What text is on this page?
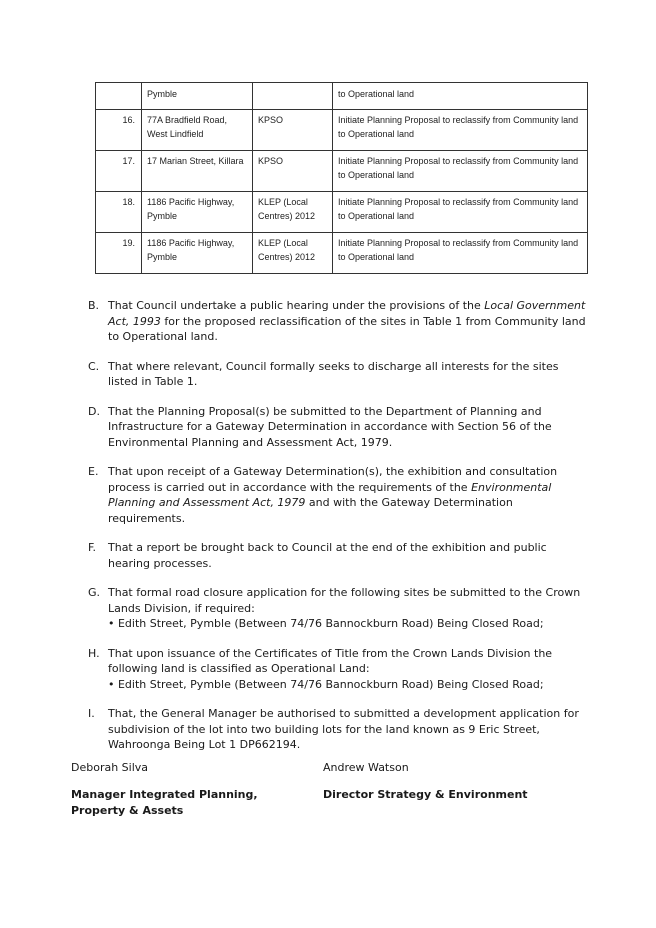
	Pymble		to Operational land
16.	77A Bradfield Road, West Lindfield	KPSO	Initiate Planning Proposal to reclassify from Community land to Operational land
17.	17 Marian Street, Killara	KPSO	Initiate Planning Proposal to reclassify from Community land to Operational land
18.	1186 Pacific Highway, Pymble	KLEP (Local Centres) 2012	Initiate Planning Proposal to reclassify from Community land to Operational land
19.	1186 Pacific Highway, Pymble	KLEP (Local Centres) 2012	Initiate Planning Proposal to reclassify from Community land to Operational land
B. That Council undertake a public hearing under the provisions of the Local Government Act, 1993 for the proposed reclassification of the sites in Table 1 from Community land to Operational land.
C. That where relevant, Council formally seeks to discharge all interests for the sites listed in Table 1.
D. That the Planning Proposal(s) be submitted to the Department of Planning and Infrastructure for a Gateway Determination in accordance with Section 56 of the Environmental Planning and Assessment Act, 1979.
E. That upon receipt of a Gateway Determination(s), the exhibition and consultation process is carried out in accordance with the requirements of the Environmental Planning and Assessment Act, 1979 and with the Gateway Determination requirements.
F. That a report be brought back to Council at the end of the exhibition and public hearing processes.
G. That formal road closure application for the following sites be submitted to the Crown Lands Division, if required:
• Edith Street, Pymble (Between 74/76 Bannockburn Road) Being Closed Road;
H. That upon issuance of the Certificates of Title from the Crown Lands Division the following land is classified as Operational Land:
• Edith Street, Pymble (Between 74/76 Bannockburn Road) Being Closed Road;
I. That, the General Manager be authorised to submitted a development application for subdivision of the lot into two building lots for the land known as 9 Eric Street, Wahroonga Being Lot 1 DP662194.
Deborah Silva
Manager Integrated Planning, Property & Assets
Andrew Watson
Director Strategy & Environment
